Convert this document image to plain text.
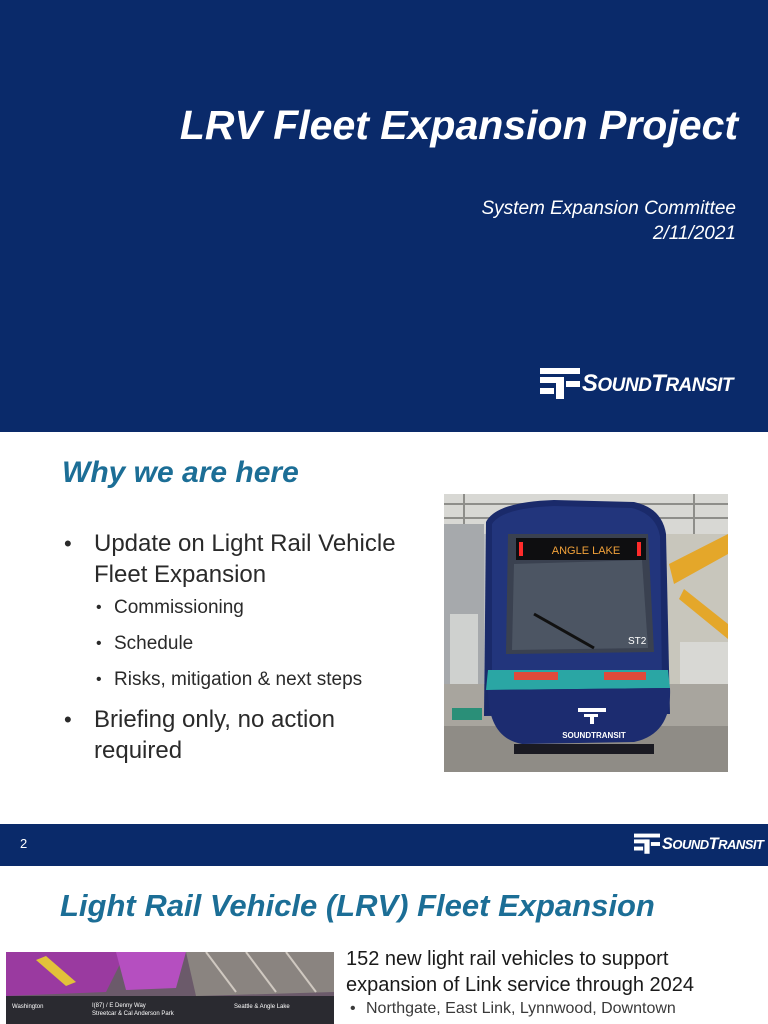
LRV Fleet Expansion Project
System Expansion Committee
2/11/2021
SOUNDTRANSIT
Why we are here
• Update on Light Rail Vehicle Fleet Expansion
• Commissioning
• Schedule
• Risks, mitigation & next steps
• Briefing only, no action required
ANGLE LAKE
ST2
SOUNDTRANSIT
2	SOUNDTRANSIT
Light Rail Vehicle (LRV) Fleet Expansion
Washington	I(87) / E Denny Way
Streetcar & Cal Anderson Park
Seattle & Angle Lake
152 new light rail vehicles to support
expansion of Link service through 2024
• Northgate, East Link, Lynnwood, Downtown
